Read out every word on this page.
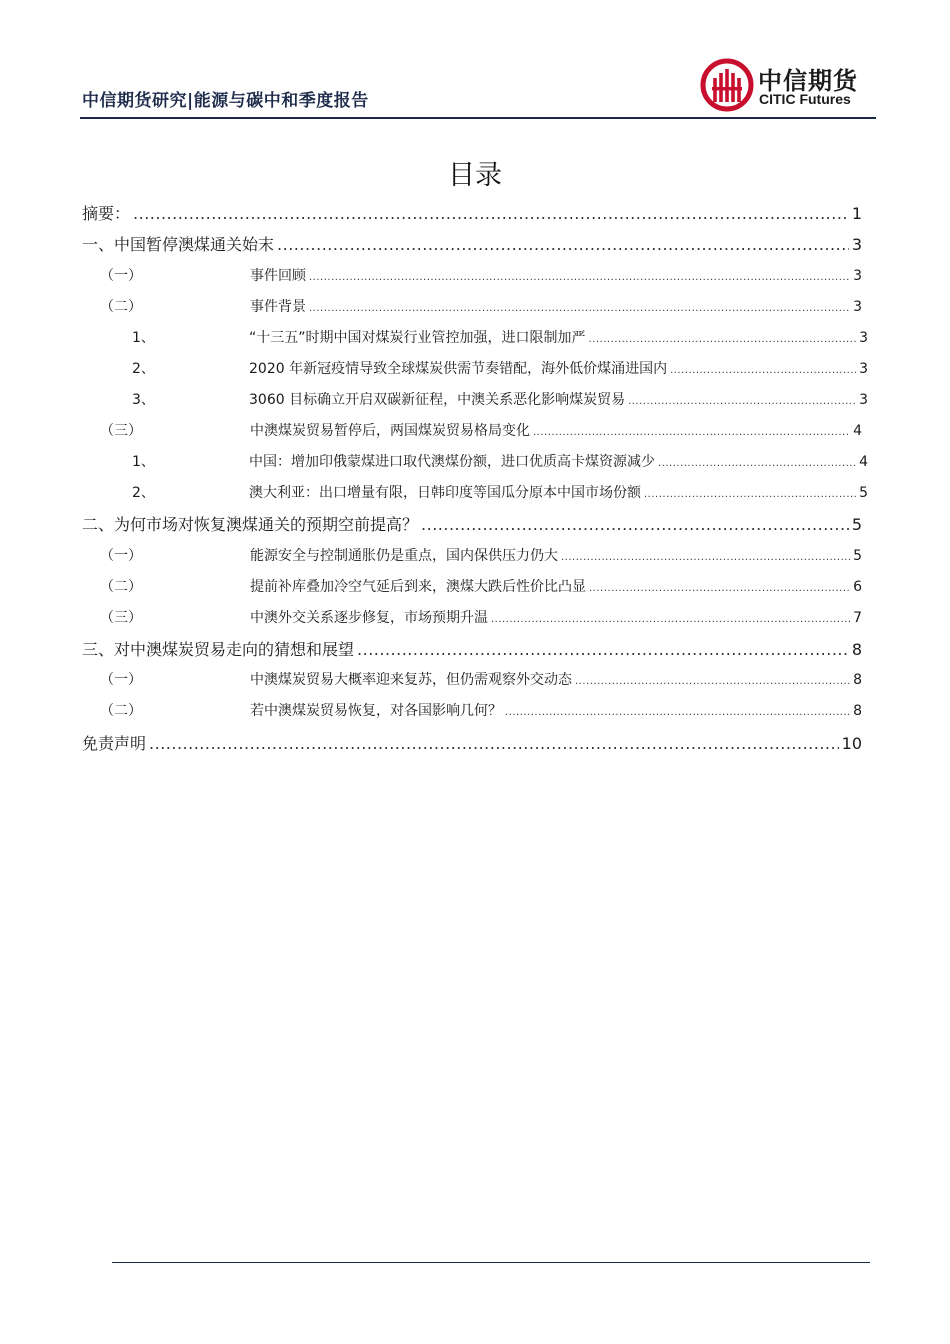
中信期货研究|能源与碳中和季度报告
中信期货
CITIC Futures
目录
摘要： .....	1
一、中国暂停澳煤通关始末 .....	3
（一）	事件回顾 .....	3
（二）	事件背景 .....	3
1、	“十三五”时期中国对煤炭行业管控加强，进口限制加严 .....	3
2、	2020 年新冠疫情导致全球煤炭供需节奏错配，海外低价煤涌进国内 .....	3
3、	3060 目标确立开启双碳新征程，中澳关系恶化影响煤炭贸易 .....	3
（三）	中澳煤炭贸易暂停后，两国煤炭贸易格局变化 .....	4
1、	中国：增加印俄蒙煤进口取代澳煤份额，进口优质高卡煤资源减少 .....	4
2、	澳大利亚：出口增量有限，日韩印度等国瓜分原本中国市场份额 .....	5
二、为何市场对恢复澳煤通关的预期空前提高？ .....	5
（一）	能源安全与控制通胀仍是重点，国内保供压力仍大 .....	5
（二）	提前补库叠加冷空气延后到来，澳煤大跌后性价比凸显 .....	6
（三）	中澳外交关系逐步修复，市场预期升温 .....	7
三、对中澳煤炭贸易走向的猜想和展望 .....	8
（一）	中澳煤炭贸易大概率迎来复苏，但仍需观察外交动态 .....	8
（二）	若中澳煤炭贸易恢复，对各国影响几何？ .....	8
免责声明 .....	10
